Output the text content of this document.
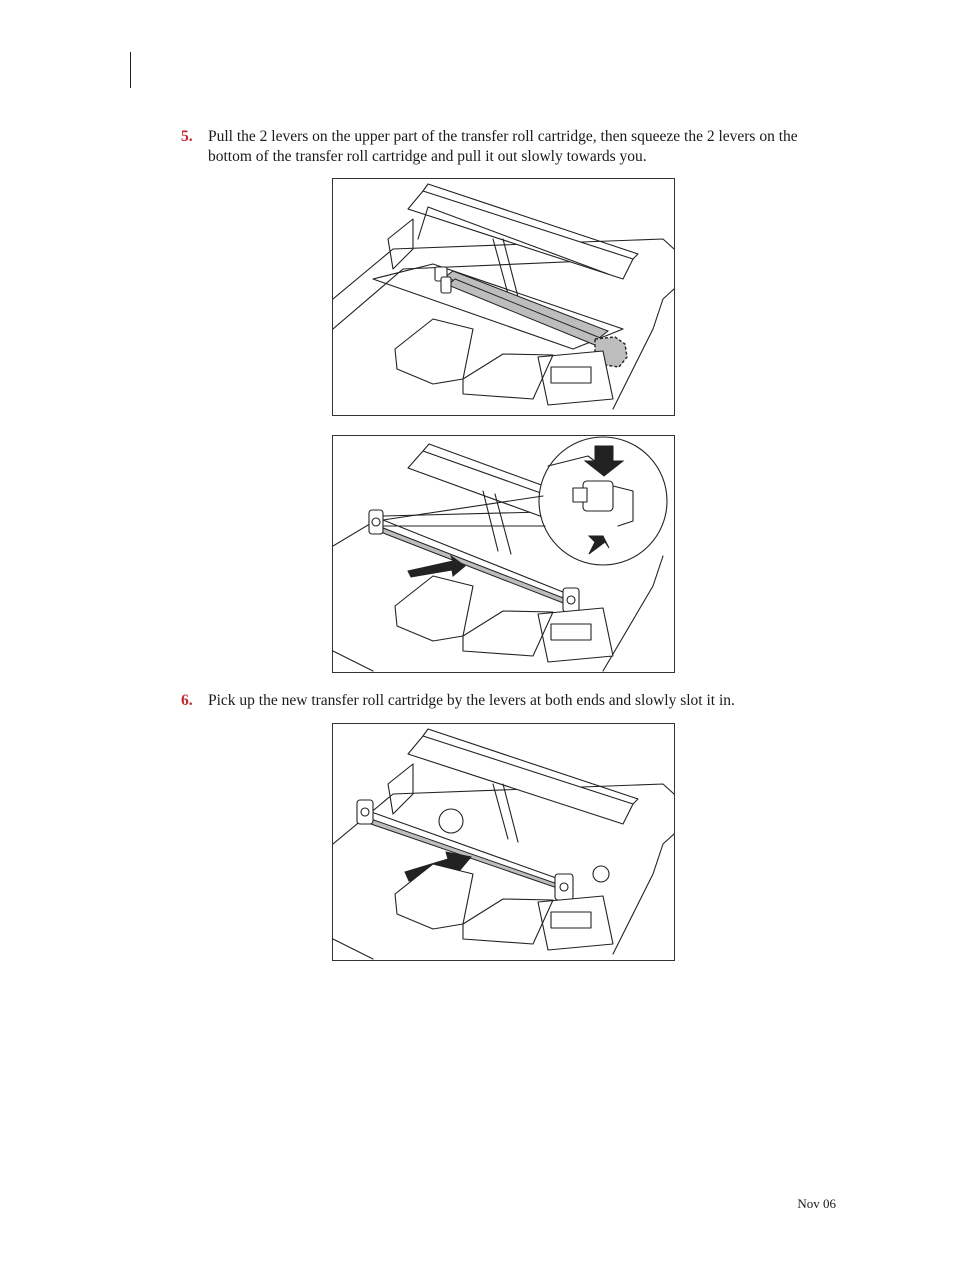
5. Pull the 2 levers on the upper part of the transfer roll cartridge, then squeeze the 2 levers on the bottom of the transfer roll cartridge and pull it out slowly towards you.
6. Pick up the new transfer roll cartridge by the levers at both ends and slowly slot it in.
Nov 06
